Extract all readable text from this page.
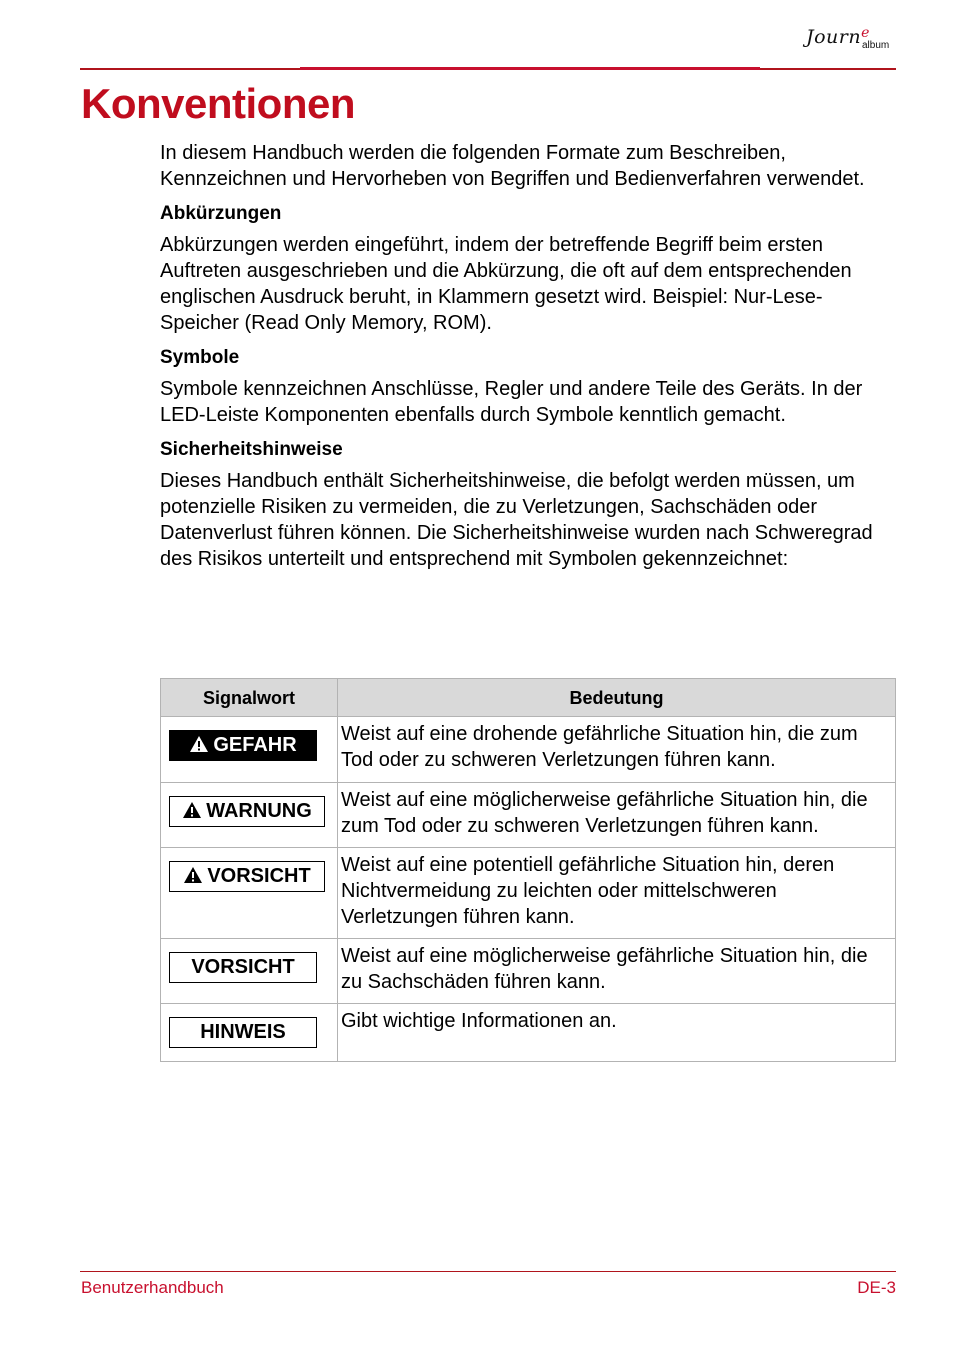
Journ$^e$
album
Konventionen

In diesem Handbuch werden die folgenden Formate zum Beschreiben, Kennzeichnen und Hervorheben von Begriffen und Bedienverfahren verwendet.

Abkürzungen

Abkürzungen werden eingeführt, indem der betreffende Begriff beim ersten Auftreten ausgeschrieben und die Abkürzung, die oft auf dem entsprechenden englischen Ausdruck beruht, in Klammern gesetzt wird. Beispiel: Nur-Lese-Speicher (Read Only Memory, ROM).

Symbole

Symbole kennzeichnen Anschlüsse, Regler und andere Teile des Geräts. In der LED-Leiste Komponenten ebenfalls durch Symbole kenntlich gemacht.

Sicherheitshinweise

Dieses Handbuch enthält Sicherheitshinweise, die befolgt werden müssen, um potenzielle Risiken zu vermeiden, die zu Verletzungen, Sachschäden oder Datenverlust führen können. Die Sicherheitshinweise wurden nach Schweregrad des Risikos unterteilt und entsprechend mit Symbolen gekennzeichnet:

Signalwort	Bedeutung
GEFAHR	Weist auf eine drohende gefährliche Situation hin, die zum Tod oder zu schweren Verletzungen führen kann.
WARNUNG	Weist auf eine möglicherweise gefährliche Situation hin, die zum Tod oder zu schweren Verletzungen führen kann.
VORSICHT	Weist auf eine potentiell gefährliche Situation hin, deren Nichtvermeidung zu leichten oder mittelschweren Verletzungen führen kann.
VORSICHT	Weist auf eine möglicherweise gefährliche Situation hin, die zu Sachschäden führen kann.
HINWEIS	Gibt wichtige Informationen an.
Benutzerhandbuch	DE-3
